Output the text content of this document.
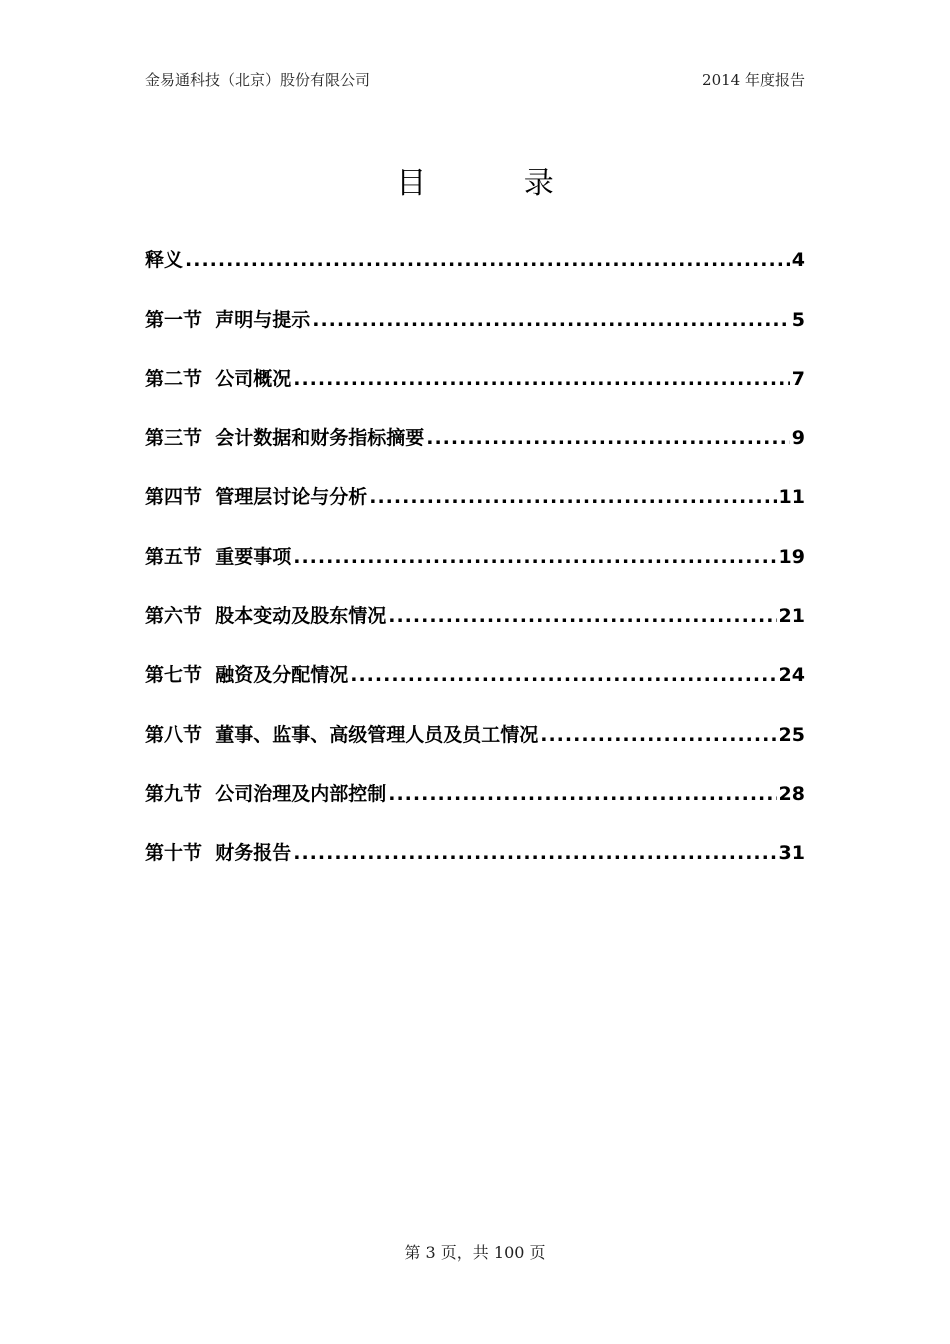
金易通科技（北京）股份有限公司	2014 年度报告
目 录
释义 .....	4
第一节  声明与提示 .....	5
第二节  公司概况 .....	7
第三节  会计数据和财务指标摘要 .....	9
第四节  管理层讨论与分析 .....	11
第五节  重要事项 .....	19
第六节  股本变动及股东情况 .....	21
第七节  融资及分配情况 .....	24
第八节  董事、监事、高级管理人员及员工情况 .....	25
第九节  公司治理及内部控制 .....	28
第十节  财务报告 .....	31
第 3 页，共 100 页
